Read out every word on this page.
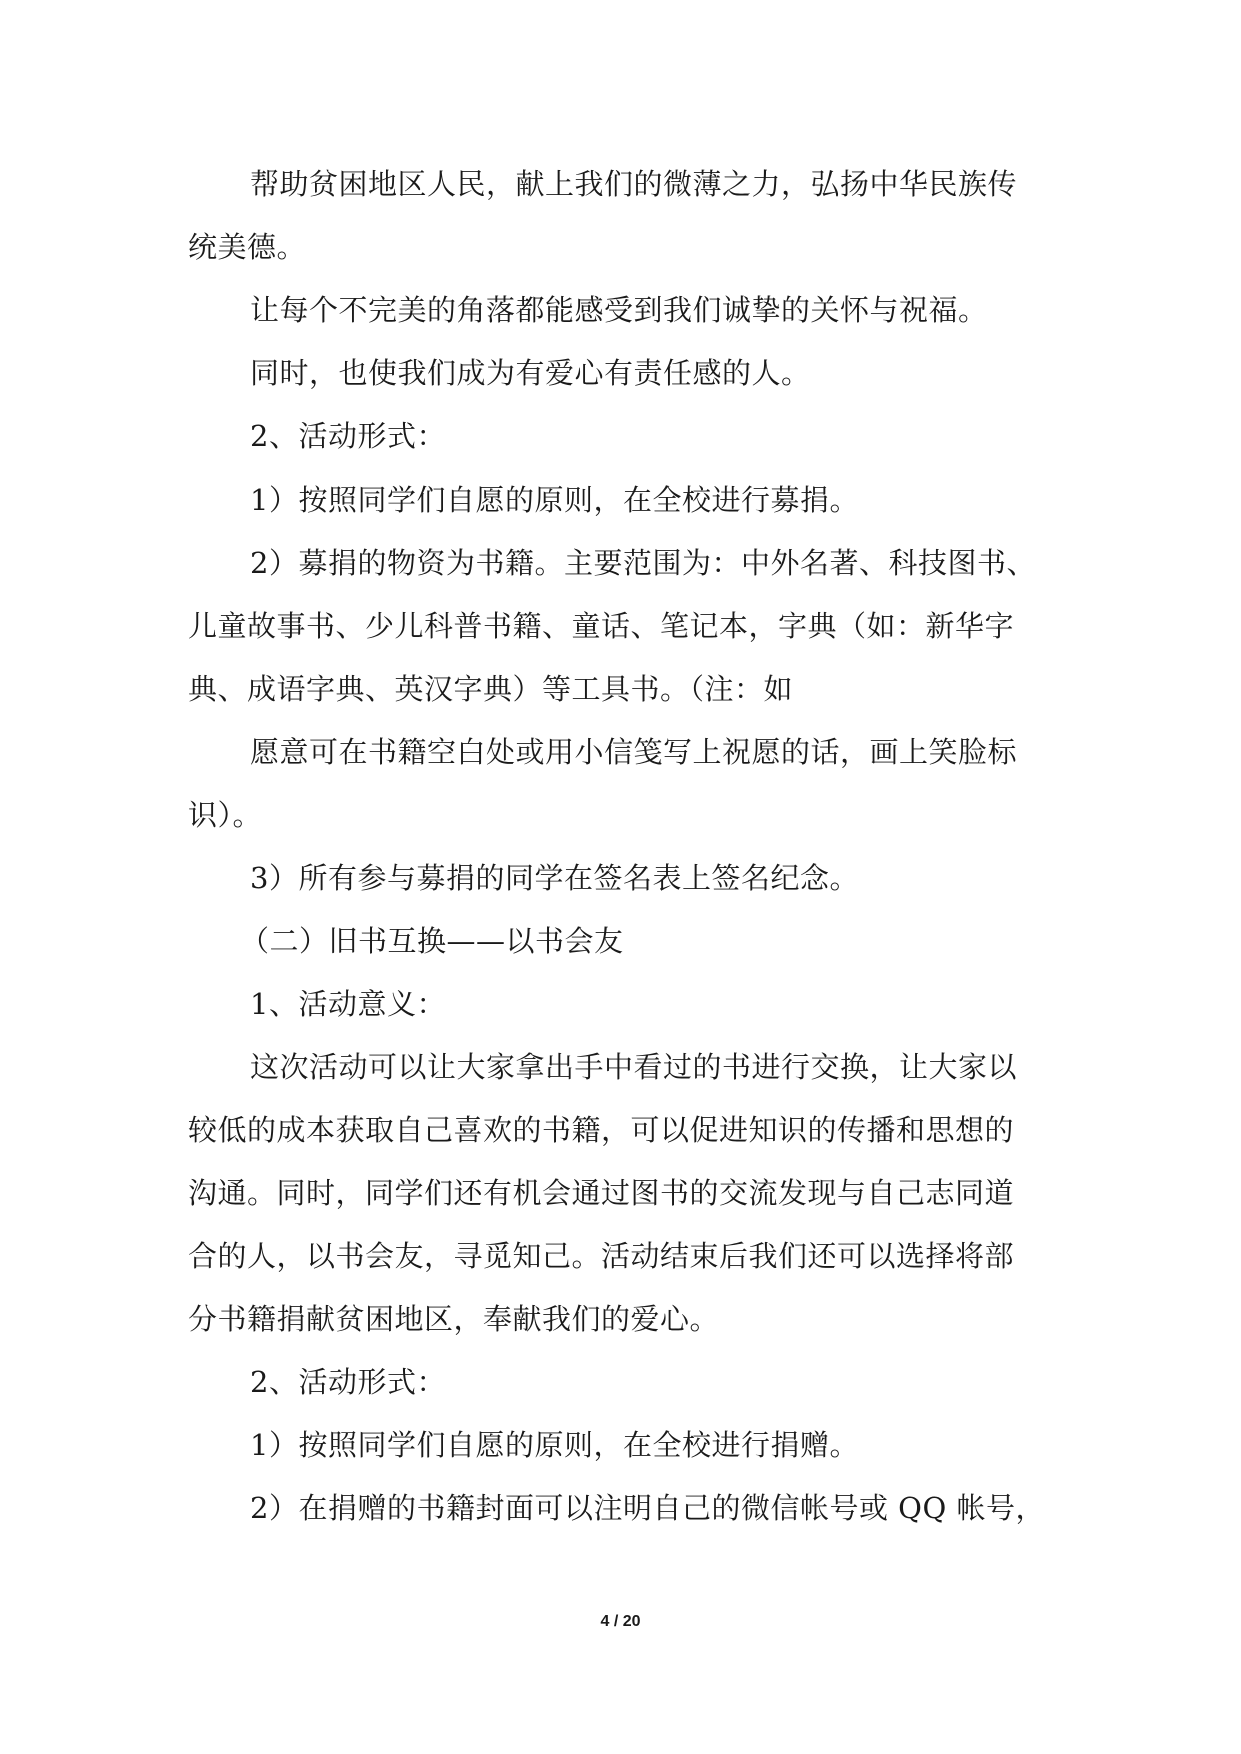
帮助贫困地区人民，献上我们的微薄之力，弘扬中华民族传
统美德。
让每个不完美的角落都能感受到我们诚挚的关怀与祝福。
同时，也使我们成为有爱心有责任感的人。
2、活动形式：
1）按照同学们自愿的原则，在全校进行募捐。
2）募捐的物资为书籍。主要范围为：中外名著、科技图书、
儿童故事书、少儿科普书籍、童话、笔记本，字典（如：新华字
典、成语字典、英汉字典）等工具书。（注：如
愿意可在书籍空白处或用小信笺写上祝愿的话，画上笑脸标
识）。
3）所有参与募捐的同学在签名表上签名纪念。
（二）旧书互换——以书会友
1、活动意义：
这次活动可以让大家拿出手中看过的书进行交换，让大家以
较低的成本获取自己喜欢的书籍，可以促进知识的传播和思想的
沟通。同时，同学们还有机会通过图书的交流发现与自己志同道
合的人，以书会友，寻觅知己。活动结束后我们还可以选择将部
分书籍捐献贫困地区，奉献我们的爱心。
2、活动形式：
1）按照同学们自愿的原则，在全校进行捐赠。
2）在捐赠的书籍封面可以注明自己的微信帐号或 QQ 帐号，
4 / 20
